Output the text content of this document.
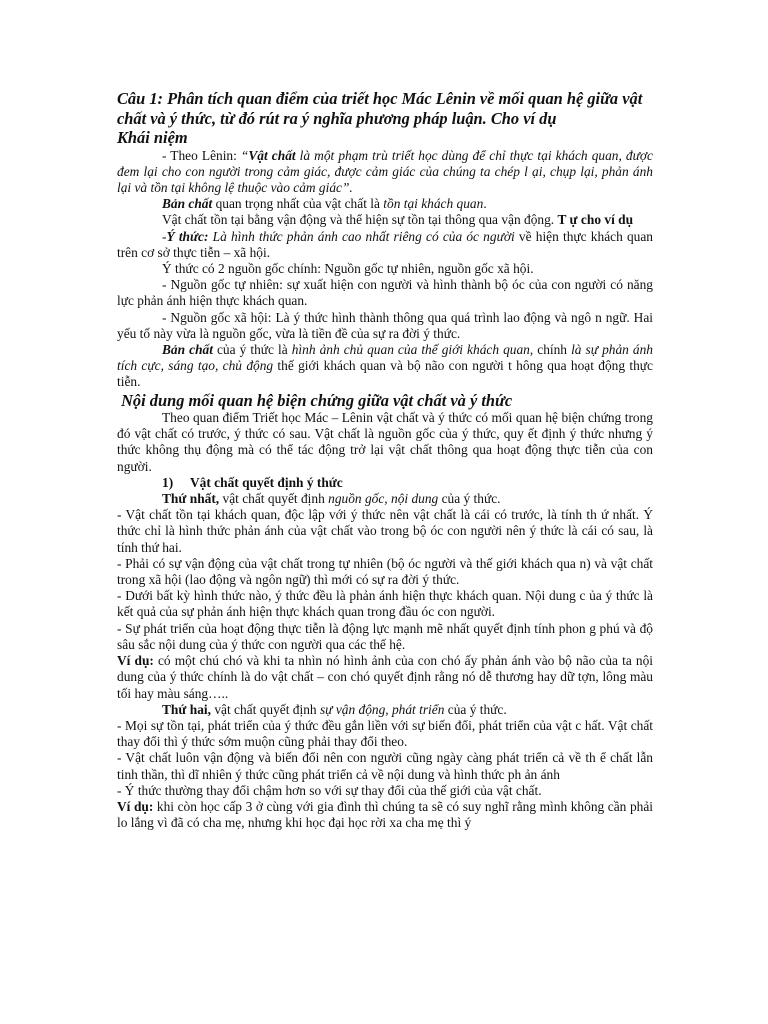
Câu 1: Phân tích quan điểm của triết học Mác Lênin về mối quan hệ giữa vật chất và ý thức, từ đó rút ra ý nghĩa phương pháp luận. Cho ví dụ

Khái niệm

- Theo Lênin: “Vật chất là một phạm trù triết học dùng để chỉ thực tại khách quan, được đem lại cho con người trong cảm giác, được cảm giác của chúng ta chép l ại, chụp lại, phản ánh lại và tồn tại không lệ thuộc vào cảm giác”.

Bản chất quan trọng nhất của vật chất là tồn tại khách quan.

Vật chất tồn tại bằng vận động và thể hiện sự tồn tại thông qua vận động. T ự cho ví dụ

-Ý thức: Là hình thức phản ánh cao nhất riêng có của óc người về hiện thực khách quan trên cơ sở thực tiễn – xã hội.

Ý thức có 2 nguồn gốc chính: Nguồn gốc tự nhiên, nguồn gốc xã hội.

- Nguồn gốc tự nhiên: sự xuất hiện con người và hình thành bộ óc của con người có năng lực phản ánh hiện thực khách quan.

- Nguồn gốc xã hội: Là ý thức hình thành thông qua quá trình lao động và ngô n ngữ. Hai yếu tố này vừa là nguồn gốc, vừa là tiền đề của sự ra đời ý thức.

Bản chất của ý thức là hình ảnh chủ quan của thế giới khách quan, chính là sự phản ánh tích cực, sáng tạo, chủ động thế giới khách quan và bộ não con người t hông qua hoạt động thực tiễn.

Nội dung mối quan hệ biện chứng giữa vật chất và ý thức

Theo quan điểm Triết học Mác – Lênin vật chất và ý thức có mối quan hệ biện chứng trong đó vật chất có trước, ý thức có sau. Vật chất là nguồn gốc của ý thức, quy ết định ý thức nhưng ý thức không thụ động mà có thể tác động trở lại vật chất thông qua hoạt động thực tiễn của con người.

1) Vật chất quyết định ý thức

Thứ nhất, vật chất quyết định nguồn gốc, nội dung của ý thức.

- Vật chất tồn tại khách quan, độc lập với ý thức nên vật chất là cái có trước, là tính th ứ nhất. Ý thức chỉ là hình thức phản ánh của vật chất vào trong bộ óc con người nên ý thức là cái có sau, là tính thứ hai.

- Phải có sự vận động của vật chất trong tự nhiên (bộ óc người và thế giới khách qua n) và vật chất trong xã hội (lao động và ngôn ngữ) thì mới có sự ra đời ý thức.

- Dưới bất kỳ hình thức nào, ý thức đều là phản ánh hiện thực khách quan. Nội dung c ủa ý thức là kết quả của sự phản ánh hiện thực khách quan trong đầu óc con người.

- Sự phát triển của hoạt động thực tiễn là động lực mạnh mẽ nhất quyết định tính phon g phú và độ sâu sắc nội dung của ý thức con người qua các thế hệ.

Ví dụ: có một chú chó và khi ta nhìn nó hình ảnh của con chó ấy phản ánh vào bộ não của ta nội dung của ý thức chính là do vật chất – con chó quyết định rằng nó dễ thương hay dữ tợn, lông màu tối hay màu sáng…..

Thứ hai, vật chất quyết định sự vận động, phát triển của ý thức.

- Mọi sự tồn tại, phát triển của ý thức đều gắn liền với sự biến đổi, phát triển của vật c hất. Vật chất thay đổi thì ý thức sớm muộn cũng phải thay đổi theo.

- Vật chất luôn vận động và biến đổi nên con người cũng ngày càng phát triển cả về th ể chất lẫn tinh thần, thì dĩ nhiên ý thức cũng phát triển cả về nội dung và hình thức ph ản ánh

- Ý thức thường thay đổi chậm hơn so với sự thay đổi của thế giới của vật chất.

Ví dụ: khi còn học cấp 3 ở cùng với gia đình thì chúng ta sẽ có suy nghĩ rằng mình không cần phải lo lắng vì đã có cha mẹ, nhưng khi học đại học rời xa cha mẹ thì ý
